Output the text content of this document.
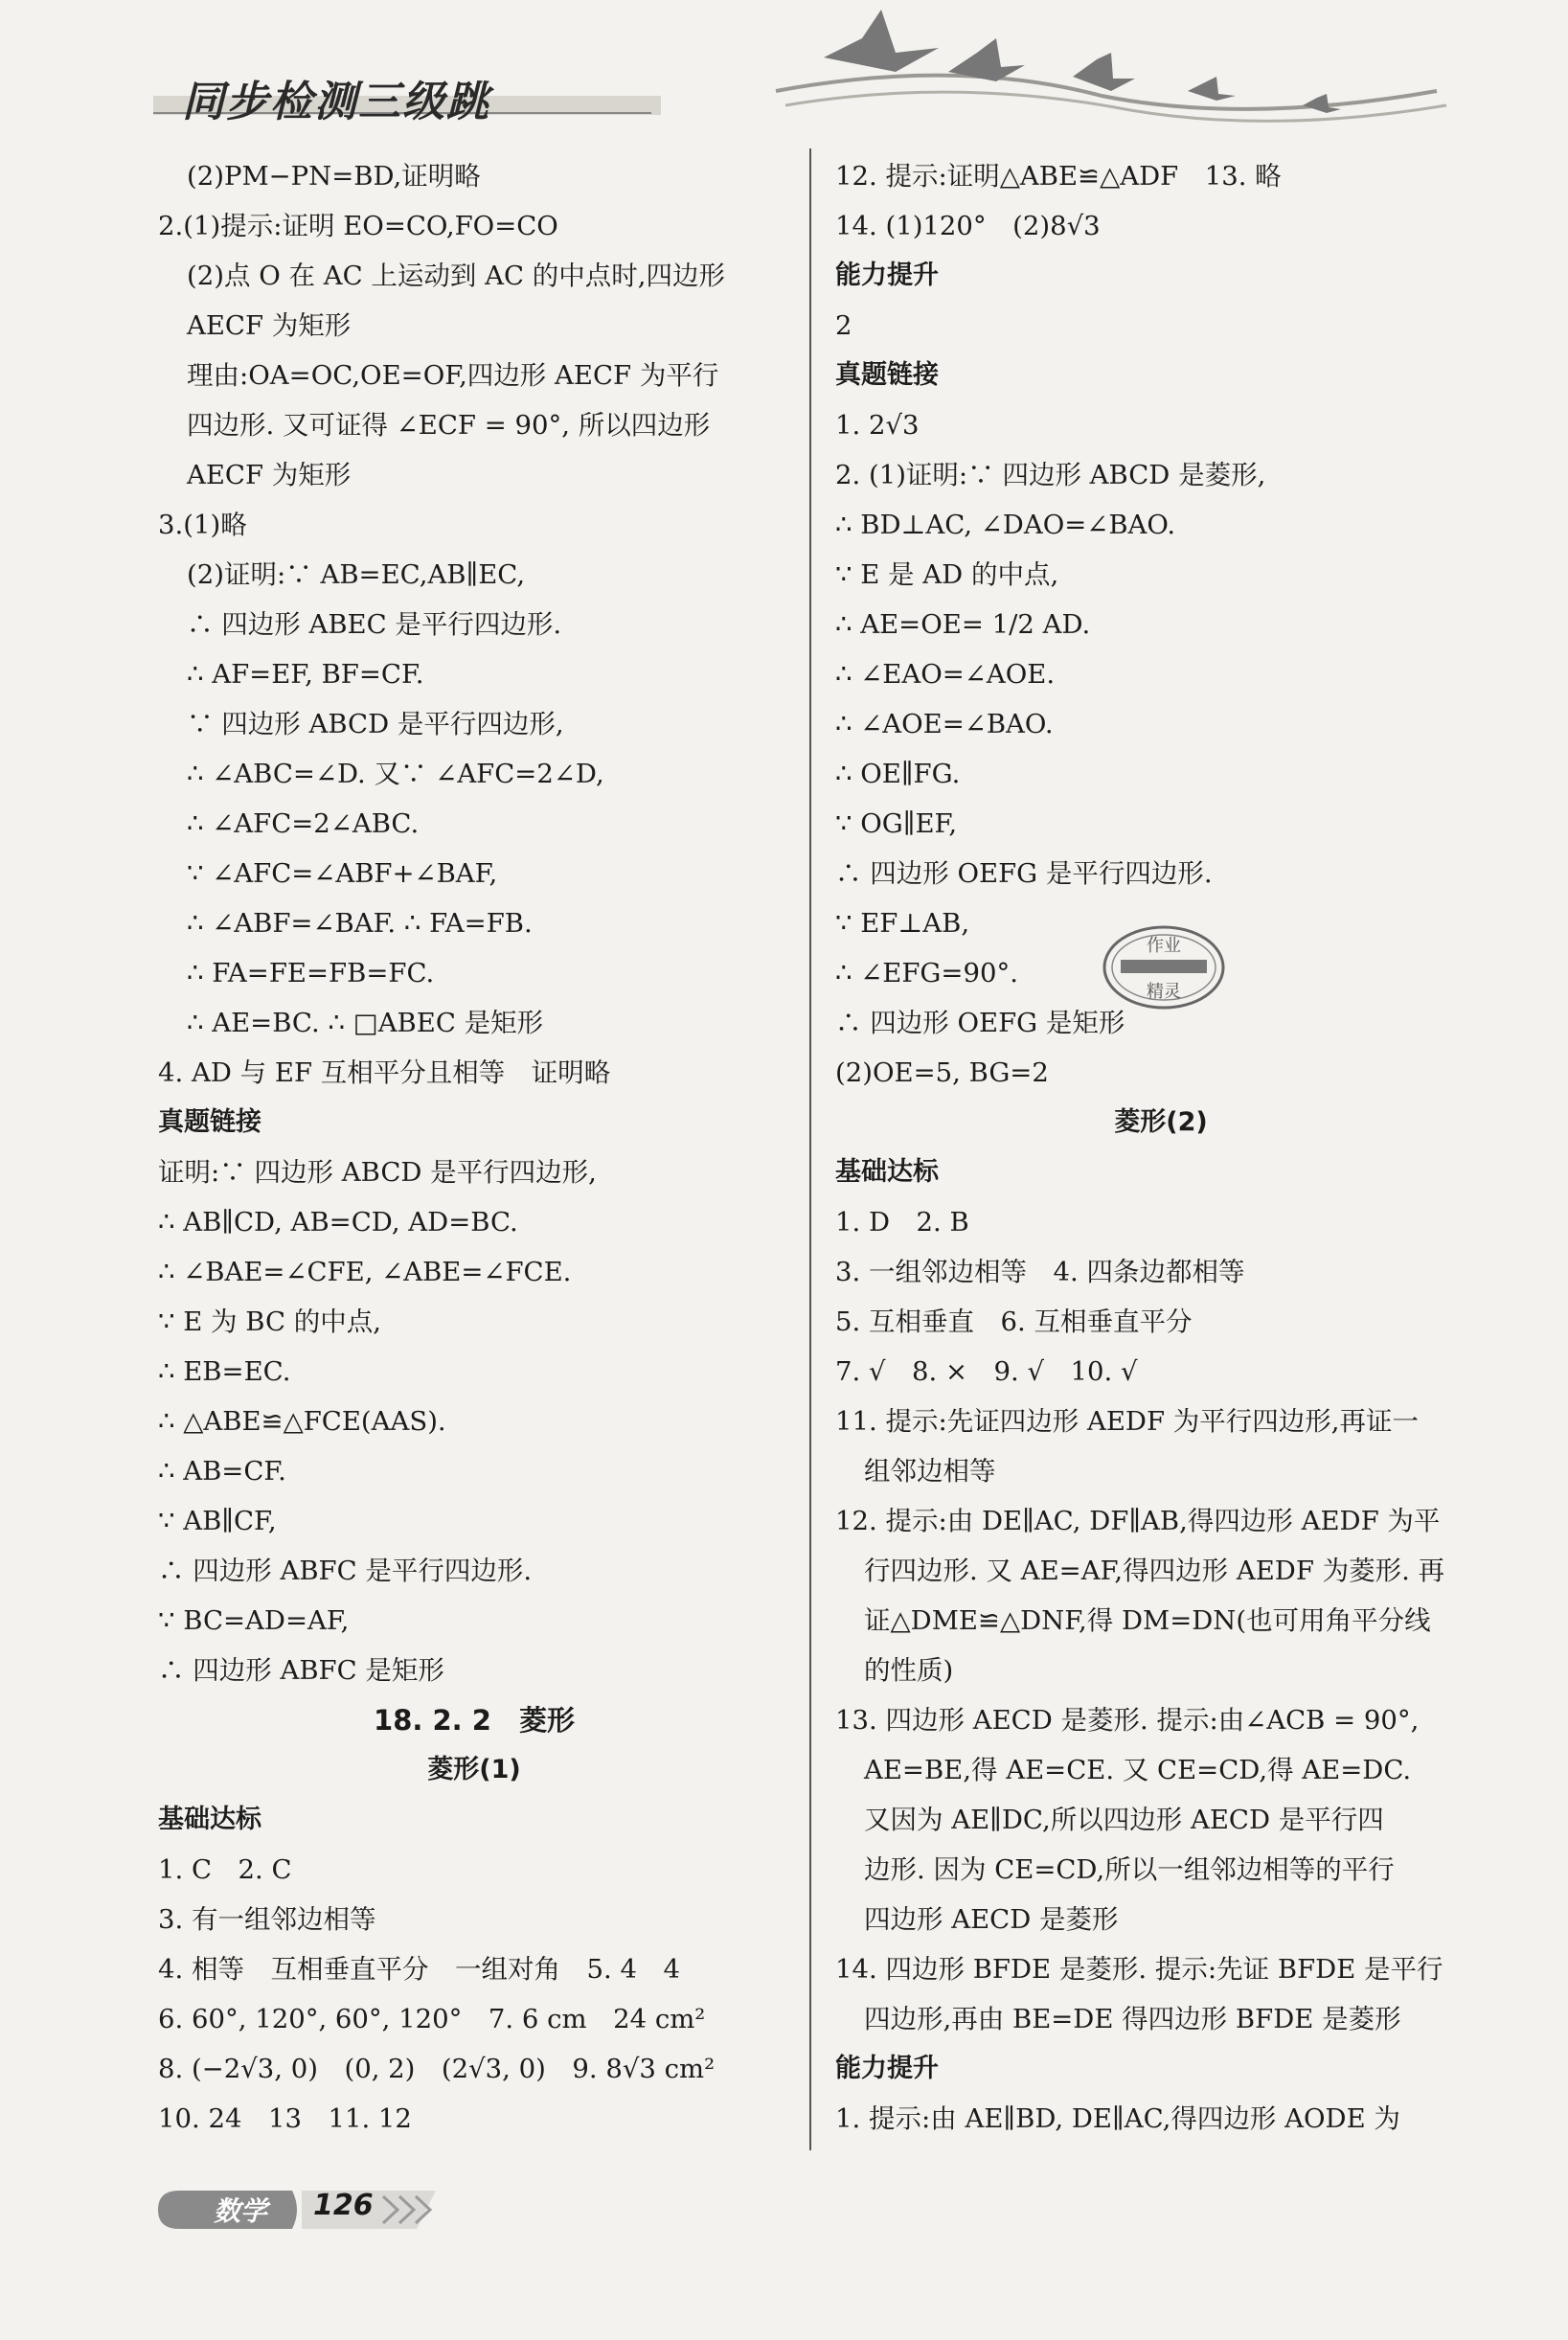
同步检测三级跳
(2)PM−PN=BD,证明略
2.(1)提示:证明 EO=CO,FO=CO
(2)点 O 在 AC 上运动到 AC 的中点时,四边形
AECF 为矩形
理由:OA=OC,OE=OF,四边形 AECF 为平行
四边形. 又可证得 ∠ECF = 90°, 所以四边形
AECF 为矩形
3.(1)略
(2)证明:∵ AB=EC,AB∥EC,
∴ 四边形 ABEC 是平行四边形.
∴ AF=EF, BF=CF.
∵ 四边形 ABCD 是平行四边形,
∴ ∠ABC=∠D. 又∵ ∠AFC=2∠D,
∴ ∠AFC=2∠ABC.
∵ ∠AFC=∠ABF+∠BAF,
∴ ∠ABF=∠BAF. ∴ FA=FB.
∴ FA=FE=FB=FC.
∴ AE=BC. ∴ □ABEC 是矩形
4. AD 与 EF 互相平分且相等　证明略
真题链接
证明:∵ 四边形 ABCD 是平行四边形,
∴ AB∥CD, AB=CD, AD=BC.
∴ ∠BAE=∠CFE, ∠ABE=∠FCE.
∵ E 为 BC 的中点,
∴ EB=EC.
∴ △ABE≌△FCE(AAS).
∴ AB=CF.
∵ AB∥CF,
∴ 四边形 ABFC 是平行四边形.
∵ BC=AD=AF,
∴ 四边形 ABFC 是矩形
18. 2. 2　菱形
菱形(1)
基础达标
1. C　2. C
3. 有一组邻边相等
4. 相等　互相垂直平分　一组对角　5. 4　4
6. 60°, 120°, 60°, 120°　7. 6 cm　24 cm²
8. (−2√3, 0)　(0, 2)　(2√3, 0)　9. 8√3 cm²
10. 24　13　11. 12
12. 提示:证明△ABE≌△ADF　13. 略
14. (1)120°　(2)8√3
能力提升
2
真题链接
1. 2√3
2. (1)证明:∵ 四边形 ABCD 是菱形,
∴ BD⊥AC, ∠DAO=∠BAO.
∵ E 是 AD 的中点,
∴ AE=OE= 1/2 AD.
∴ ∠EAO=∠AOE.
∴ ∠AOE=∠BAO.
∴ OE∥FG.
∵ OG∥EF,
∴ 四边形 OEFG 是平行四边形.
∵ EF⊥AB,
∴ ∠EFG=90°.
∴ 四边形 OEFG 是矩形
(2)OE=5, BG=2
菱形(2)
基础达标
1. D　2. B
3. 一组邻边相等　4. 四条边都相等
5. 互相垂直　6. 互相垂直平分
7. √　8. ×　9. √　10. √
11. 提示:先证四边形 AEDF 为平行四边形,再证一
组邻边相等
12. 提示:由 DE∥AC, DF∥AB,得四边形 AEDF 为平
行四边形. 又 AE=AF,得四边形 AEDF 为菱形. 再
证△DME≌△DNF,得 DM=DN(也可用角平分线
的性质)
13. 四边形 AECD 是菱形. 提示:由∠ACB = 90°,
AE=BE,得 AE=CE. 又 CE=CD,得 AE=DC.
又因为 AE∥DC,所以四边形 AECD 是平行四
边形. 因为 CE=CD,所以一组邻边相等的平行
四边形 AECD 是菱形
14. 四边形 BFDE 是菱形. 提示:先证 BFDE 是平行
四边形,再由 BE=DE 得四边形 BFDE 是菱形
能力提升
1. 提示:由 AE∥BD, DE∥AC,得四边形 AODE 为
作业
精灵
数学 126
